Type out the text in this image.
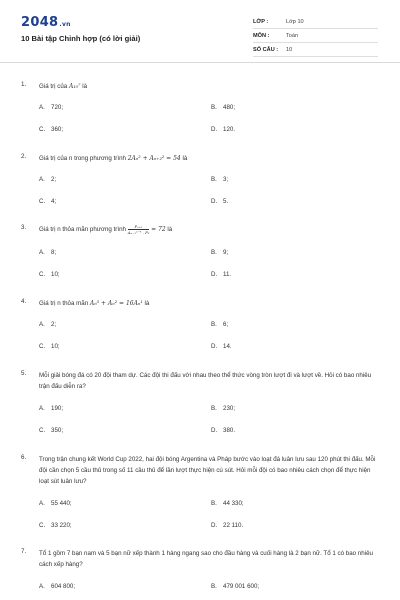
2048.vn
10 Bài tập Chỉnh hợp (có lời giải)
LỚP :	Lớp 10
MÔN :	Toán
SỐ CÂU : 10
1. Giá trị của A₁₀⁷ là
A. 720;	B. 480;
C. 360;	D. 120.
2. Giá trị của n trong phương trình 2Aₙ² + Aₙ₊₂² = 54 là
A. 2;	B. 3;
C. 4;	D. 5.
3. Giá trị n thỏa mãn phương trình $\frac{\text{Pₙ₊₁}}{\text{Aₙ₋₁ⁿ⁻⁴ . P₃}} = 72$ là
A. 8;	B. 9;
C. 10;	D. 11.
4. Giá trị n thỏa mãn Aₙ³ + Aₙ² = 16Aₙ¹ là
A. 2;	B. 6;
C. 10;	D. 14.
5. Mỗi giải bóng đá có 20 đội tham dự. Các đội thi đấu với nhau theo thể thức vòng tròn lượt đi và lượt về. Hỏi có bao nhiêu trận đấu diễn ra?
A. 190;	B. 230;
C. 350;	D. 380.
6. Trong trận chung kết World Cup 2022, hai đội bóng Argentina và Pháp bước vào loạt đá luân lưu sau 120 phút thi đấu. Mỗi đội cần chọn 5 cầu thủ trong số 11 cầu thủ để lần lượt thực hiện cú sút. Hỏi mỗi đội có bao nhiêu cách chọn để thực hiện loạt sút luân lưu?
A. 55 440;	B. 44 330;
C. 33 220;	D. 22 110.
7. Tổ 1 gồm 7 bạn nam và 5 bạn nữ xếp thành 1 hàng ngang sao cho đầu hàng và cuối hàng là 2 bạn nữ. Tổ 1 có bao nhiêu cách xếp hàng?
A. 604 800;	B. 479 001 600;
